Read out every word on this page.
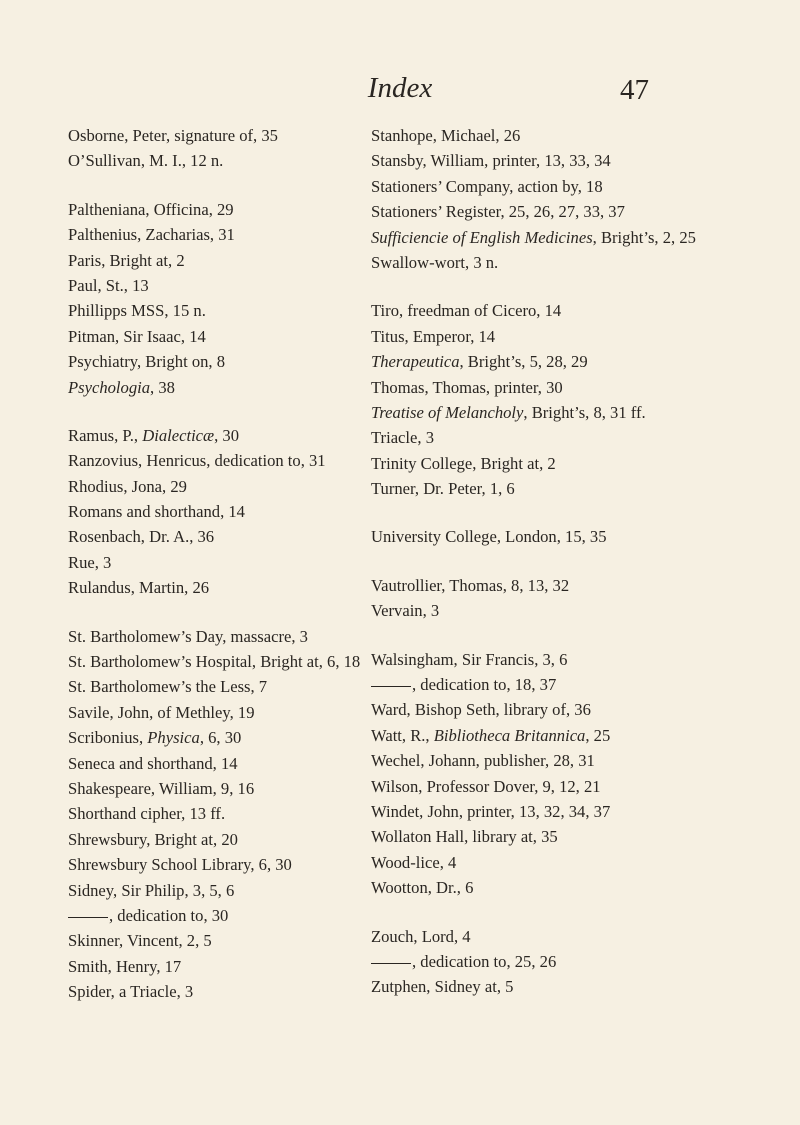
Index	47
Osborne, Peter, signature of, 35
O’Sullivan, M. I., 12 n.
Paltheniana, Officina, 29
Palthenius, Zacharias, 31
Paris, Bright at, 2
Paul, St., 13
Phillipps MSS, 15 n.
Pitman, Sir Isaac, 14
Psychiatry, Bright on, 8
Psychologia, 38
Ramus, P., Dialecticæ, 30
Ranzovius, Henricus, dedication to, 31
Rhodius, Jona, 29
Romans and shorthand, 14
Rosenbach, Dr. A., 36
Rue, 3
Rulandus, Martin, 26
St. Bartholomew’s Day, massacre, 3
St. Bartholomew’s Hospital, Bright at, 6, 18
St. Bartholomew’s the Less, 7
Savile, John, of Methley, 19
Scribonius, Physica, 6, 30
Seneca and shorthand, 14
Shakespeare, William, 9, 16
Shorthand cipher, 13 ff.
Shrewsbury, Bright at, 20
Shrewsbury School Library, 6, 30
Sidney, Sir Philip, 3, 5, 6
, dedication to, 30
Skinner, Vincent, 2, 5
Smith, Henry, 17
Spider, a Triacle, 3
Stanhope, Michael, 26
Stansby, William, printer, 13, 33, 34
Stationers’ Company, action by, 18
Stationers’ Register, 25, 26, 27, 33, 37
Sufficiencie of English Medicines, Bright’s, 2, 25
Swallow-wort, 3 n.
Tiro, freedman of Cicero, 14
Titus, Emperor, 14
Therapeutica, Bright’s, 5, 28, 29
Thomas, Thomas, printer, 30
Treatise of Melancholy, Bright’s, 8, 31 ff.
Triacle, 3
Trinity College, Bright at, 2
Turner, Dr. Peter, 1, 6
University College, London, 15, 35
Vautrollier, Thomas, 8, 13, 32
Vervain, 3
Walsingham, Sir Francis, 3, 6
, dedication to, 18, 37
Ward, Bishop Seth, library of, 36
Watt, R., Bibliotheca Britannica, 25
Wechel, Johann, publisher, 28, 31
Wilson, Professor Dover, 9, 12, 21
Windet, John, printer, 13, 32, 34, 37
Wollaton Hall, library at, 35
Wood-lice, 4
Wootton, Dr., 6
Zouch, Lord, 4
, dedication to, 25, 26
Zutphen, Sidney at, 5
